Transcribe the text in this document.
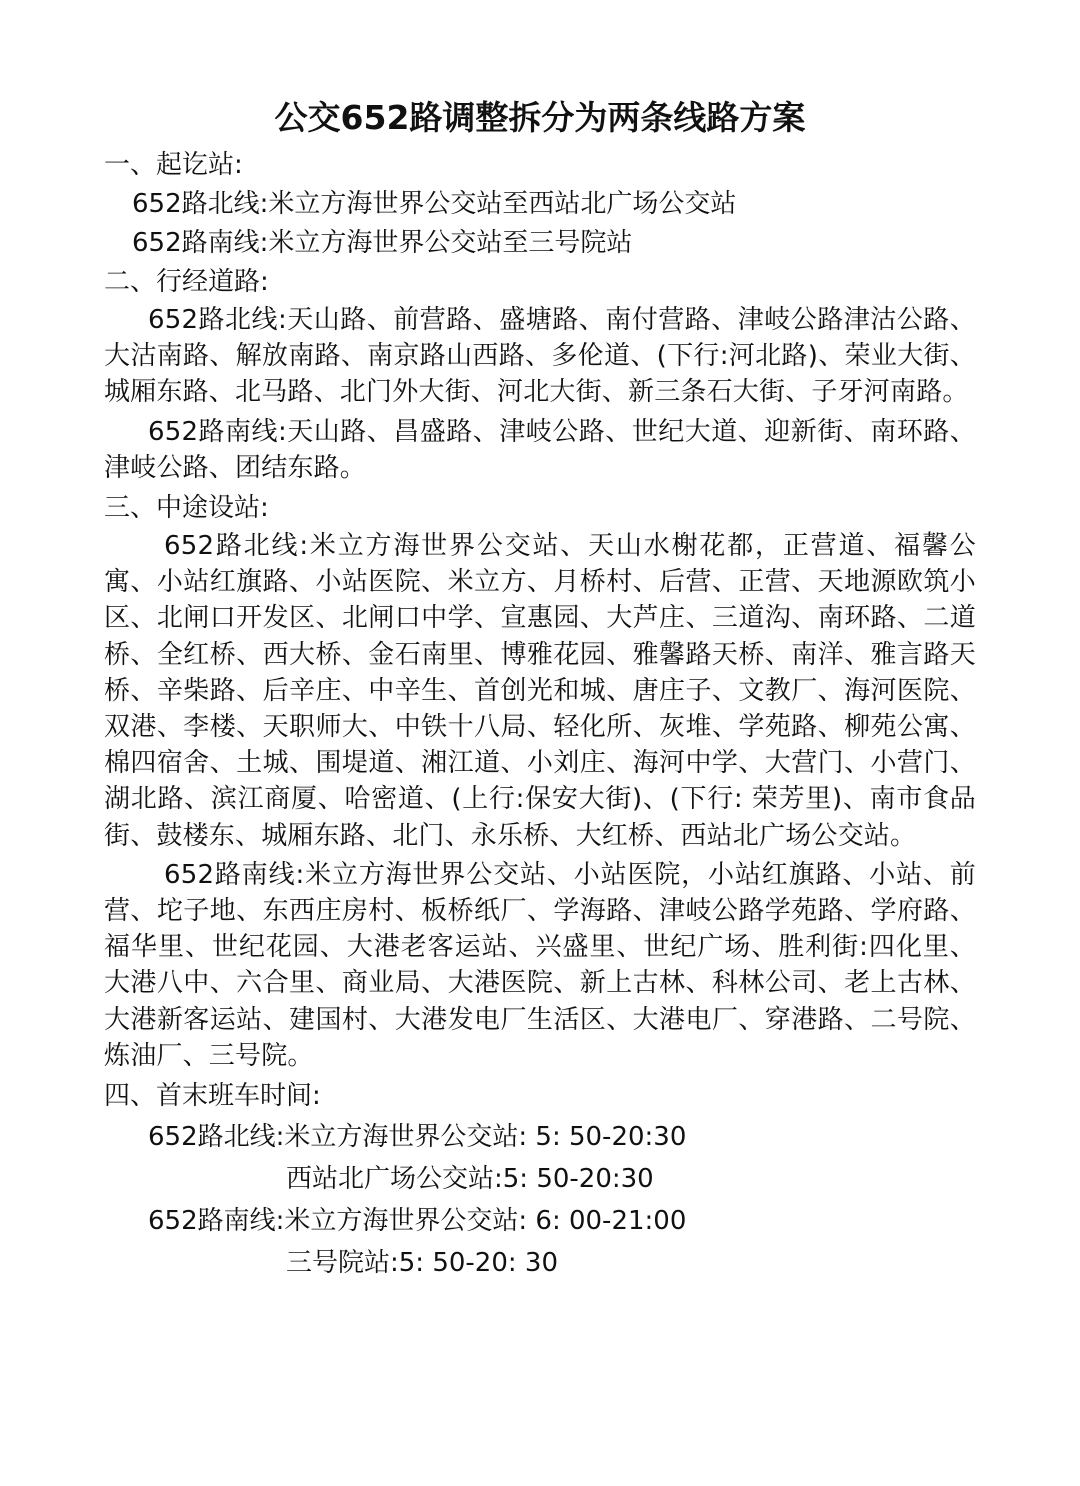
公交652路调整拆分为两条线路方案
一、起讫站:
652路北线:米立方海世界公交站至西站北广场公交站
652路南线:米立方海世界公交站至三号院站
二、行经道路:

652路北线:天山路、前营路、盛塘路、南付营路、津岐公路津沽公路、大沽南路、解放南路、南京路山西路、多伦道、(下行:河北路)、荣业大街、城厢东路、北马路、北门外大街、河北大街、新三条石大街、子牙河南路。

652路南线:天山路、昌盛路、津岐公路、世纪大道、迎新街、南环路、津岐公路、团结东路。

三、中途设站:

652路北线:米立方海世界公交站、天山水榭花都，正营道、福馨公寓、小站红旗路、小站医院、米立方、月桥村、后营、正营、天地源欧筑小区、北闸口开发区、北闸口中学、宣惠园、大芦庄、三道沟、南环路、二道桥、全红桥、西大桥、金石南里、博雅花园、雅馨路天桥、南洋、雅言路天桥、辛柴路、后辛庄、中辛生、首创光和城、唐庄子、文教厂、海河医院、双港、李楼、天职师大、中铁十八局、轻化所、灰堆、学苑路、柳苑公寓、棉四宿舍、土城、围堤道、湘江道、小刘庄、海河中学、大营门、小营门、湖北路、滨江商厦、哈密道、(上行:保安大街)、(下行: 荣芳里)、南市食品街、鼓楼东、城厢东路、北门、永乐桥、大红桥、西站北广场公交站。

652路南线:米立方海世界公交站、小站医院，小站红旗路、小站、前营、坨子地、东西庄房村、板桥纸厂、学海路、津岐公路学苑路、学府路、福华里、世纪花园、大港老客运站、兴盛里、世纪广场、胜利街:四化里、大港八中、六合里、商业局、大港医院、新上古林、科林公司、老上古林、大港新客运站、建国村、大港发电厂生活区、大港电厂、穿港路、二号院、炼油厂、三号院。

四、首末班车时间:
652路北线:米立方海世界公交站: 5: 50-20:30
西站北广场公交站:5: 50-20:30
652路南线:米立方海世界公交站: 6: 00-21:00
三号院站:5: 50-20: 30
